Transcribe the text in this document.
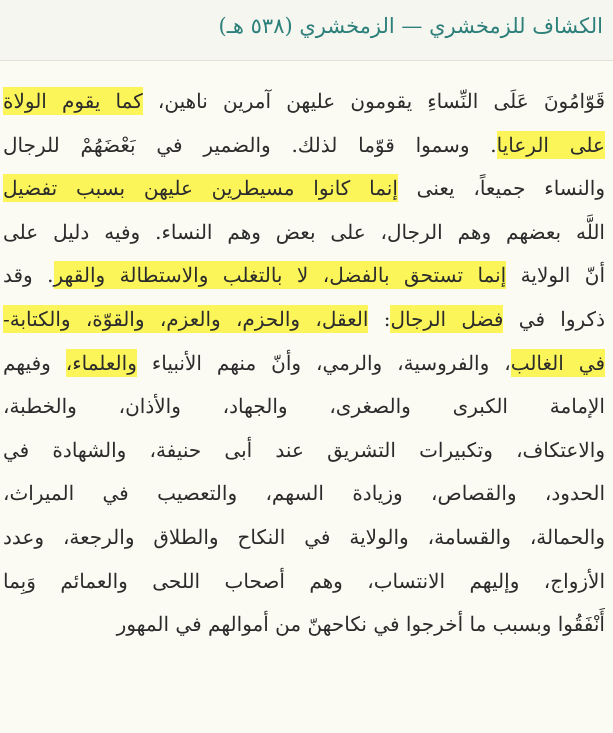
الكشاف للزمخشري — الزمخشري (٥٣٨ هـ)
قَوّامُونَ عَلَى النِّساءِ يقومون عليهن آمرين ناهين، كما يقوم الولاة
على الرعايا. وسموا قوّما لذلك. والضمير في بَعْضَهُمْ للرجال
والنساء جميعاً، يعنى إنما كانوا مسيطرين عليهن بسبب تفضيل
اللَّه بعضهم وهم الرجال، على بعض وهم النساء. وفيه دليل على
أنّ الولاية إنما تستحق بالفضل، لا بالتغلب والاستطالة والقهر. وقد
ذكروا في فضل الرجال: العقل، والحزم، والعزم، والقوّة، والكتابة-
في الغالب، والفروسية، والرمي، وأنّ منهم الأنبياء والعلماء، وفيهم
الإمامة الكبرى والصغرى، والجهاد، والأذان، والخطبة،
والاعتكاف، وتكبيرات التشريق عند أبى حنيفة، والشهادة في
الحدود، والقصاص، وزيادة السهم، والتعصيب في الميراث،
والحمالة، والقسامة، والولاية في النكاح والطلاق والرجعة، وعدد
الأزواج، وإليهم الانتساب، وهم أصحاب اللحى والعمائم وَبِما
أَنْفَقُوا وبسبب ما أخرجوا في نكاحهنّ من أموالهم في المهور
